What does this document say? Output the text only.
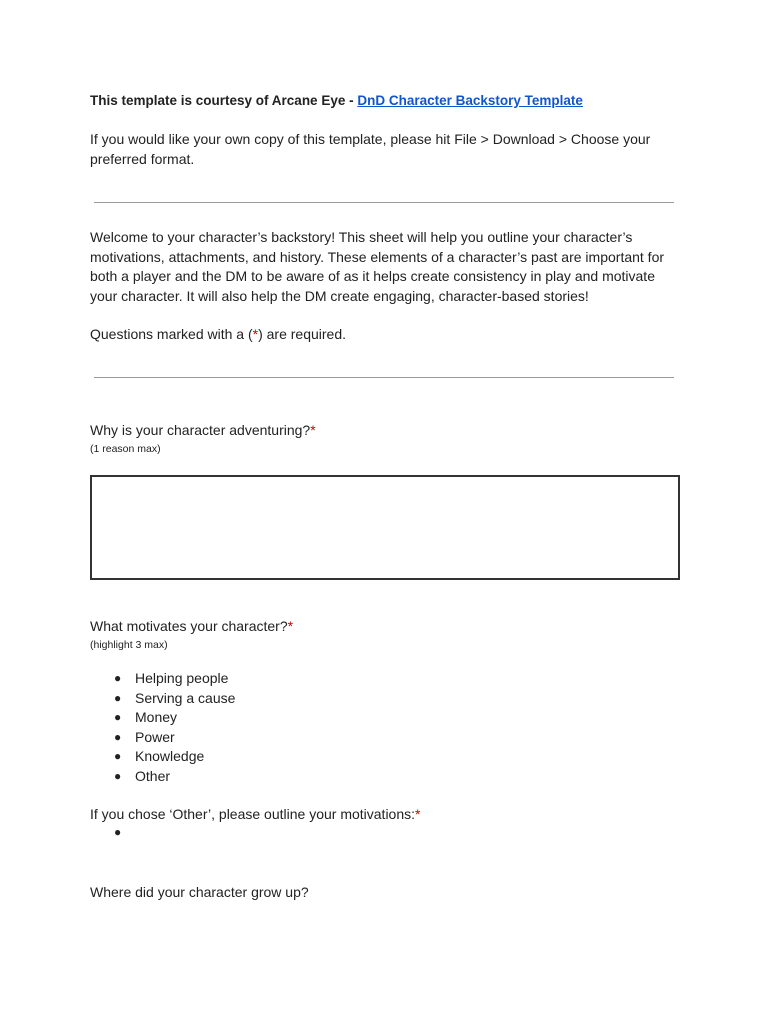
This template is courtesy of Arcane Eye - DnD Character Backstory Template
If you would like your own copy of this template, please hit File > Download > Choose your preferred format.
Welcome to your character’s backstory! This sheet will help you outline your character’s motivations, attachments, and history. These elements of a character’s past are important for both a player and the DM to be aware of as it helps create consistency in play and motivate your character. It will also help the DM create engaging, character-based stories!
Questions marked with a (*) are required.
Why is your character adventuring?*
(1 reason max)
What motivates your character?*
(highlight 3 max)
● Helping people
● Serving a cause
● Money
● Power
● Knowledge
● Other
If you chose ‘Other’, please outline your motivations:*
●
Where did your character grow up?
